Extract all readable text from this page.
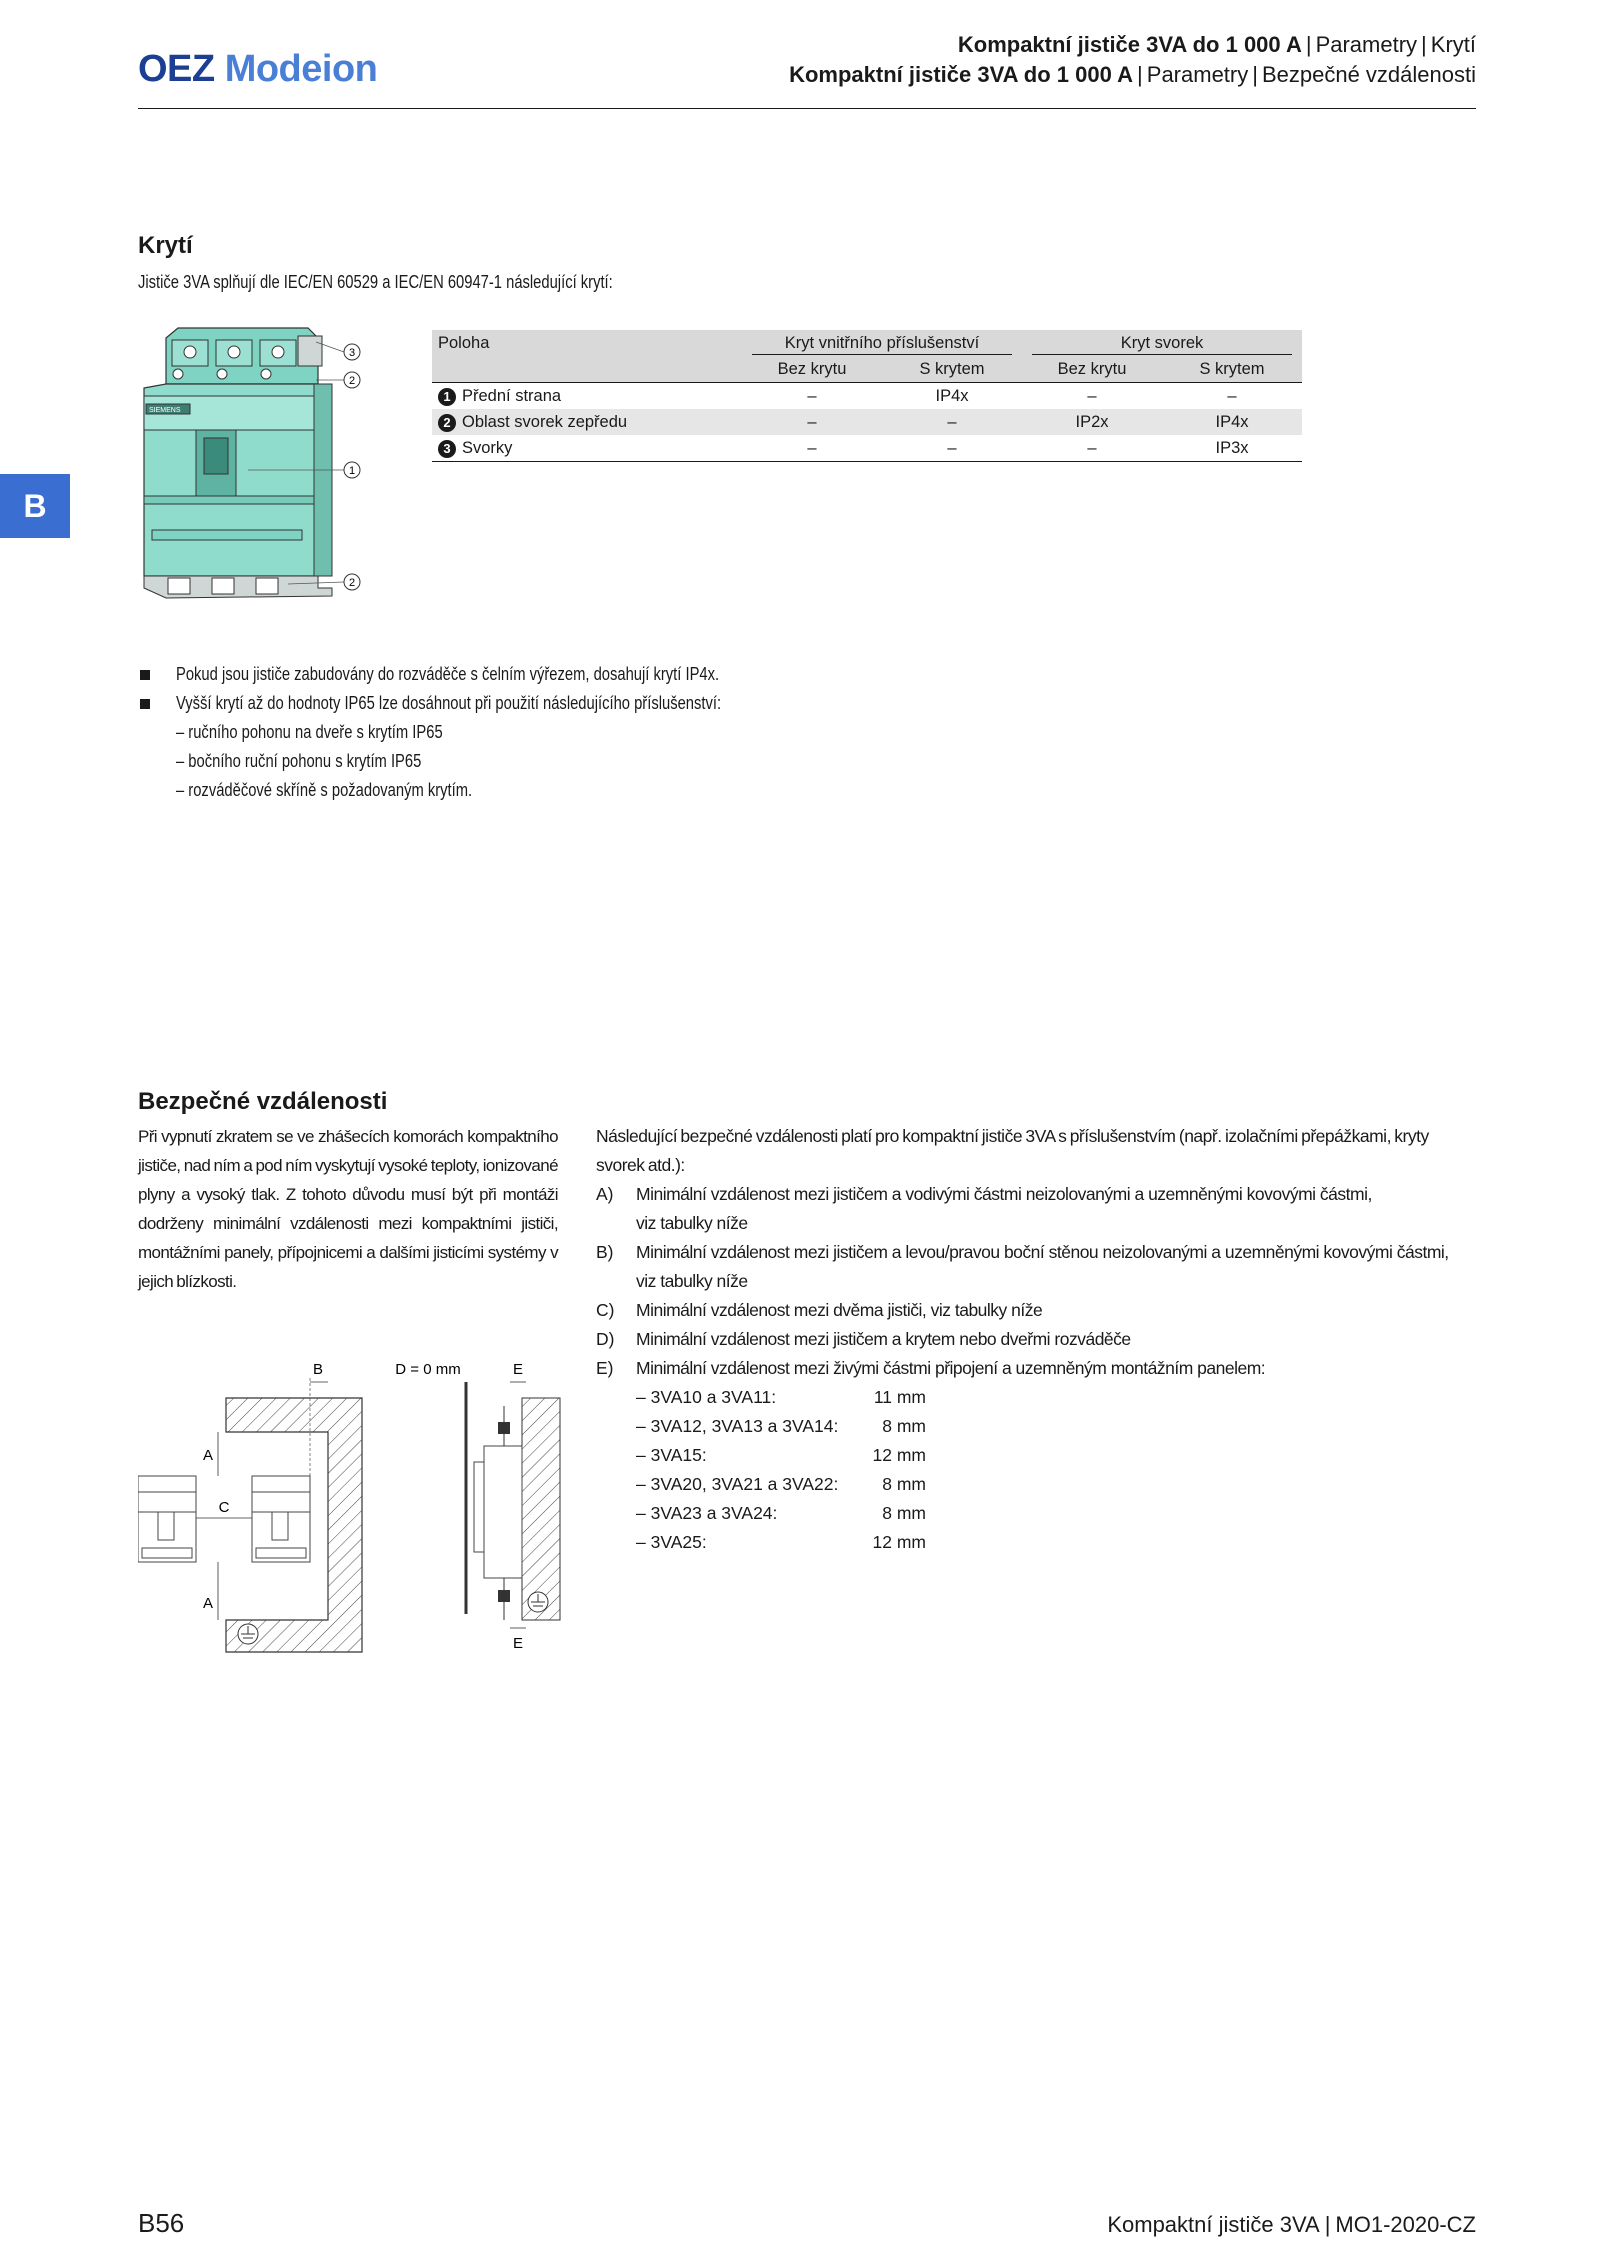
OEZ Modeion
Kompaktní jističe 3VA do 1 000 A | Parametry | Krytí
Kompaktní jističe 3VA do 1 000 A | Parametry | Bezpečné vzdálenosti
B
Krytí
Jističe 3VA splňují dle IEC/EN 60529 a IEC/EN 60947-1 následující krytí:
SIEMENS
3
2
1
2
Poloha	Kryt vnitřního příslušenství		Kryt svorek	

	Bez krytu	S krytem	Bez krytu	S krytem
1 Přední strana	–	IP4x	–	–
2 Oblast svorek zepředu	–	–	IP2x	IP4x
3 Svorky	–	–	–	IP3x
Pokud jsou jističe zabudovány do rozváděče s čelním výřezem, dosahují krytí IP4x.
Vyšší krytí až do hodnoty IP65 lze dosáhnout při použití následujícího příslušenství:
– ručního pohonu na dveře s krytím IP65
– bočního ruční pohonu s krytím IP65
– rozváděčové skříně s požadovaným krytím.
Bezpečné vzdálenosti
Při vypnutí zkratem se ve zhášecích komorách kompaktního jističe, nad ním a pod ním vyskytují vysoké teploty, ionizované plyny a vysoký tlak. Z tohoto důvodu musí být při montáži dodrženy minimální vzdálenosti mezi kompaktními jističi, montážními panely, přípojnicemi a dalšími jisticími systémy v jejich blízkosti.
B
A
C
A
D = 0 mm	E
E
Následující bezpečné vzdálenosti platí pro kompaktní jističe 3VA s příslušenstvím (např. izolačními přepážkami, kryty svorek atd.):
A)	Minimální vzdálenost mezi jističem a vodivými částmi neizolovanými a uzemněnými kovovými částmi,
viz tabulky níže
B)	Minimální vzdálenost mezi jističem a levou/pravou boční stěnou neizolovanými a uzemněnými kovovými částmi,
viz tabulky níže
C)	Minimální vzdálenost mezi dvěma jističi, viz tabulky níže
D)	Minimální vzdálenost mezi jističem a krytem nebo dveřmi rozváděče
E)	Minimální vzdálenost mezi živými částmi připojení a uzemněným montážním panelem:
– 3VA10 a 3VA11:	11 mm
– 3VA12, 3VA13 a 3VA14:	8 mm
– 3VA15:	12 mm
– 3VA20, 3VA21 a 3VA22:	8 mm
– 3VA23 a 3VA24:	8 mm
– 3VA25:	12 mm
B56	Kompaktní jističe 3VA | MO1-2020-CZ
